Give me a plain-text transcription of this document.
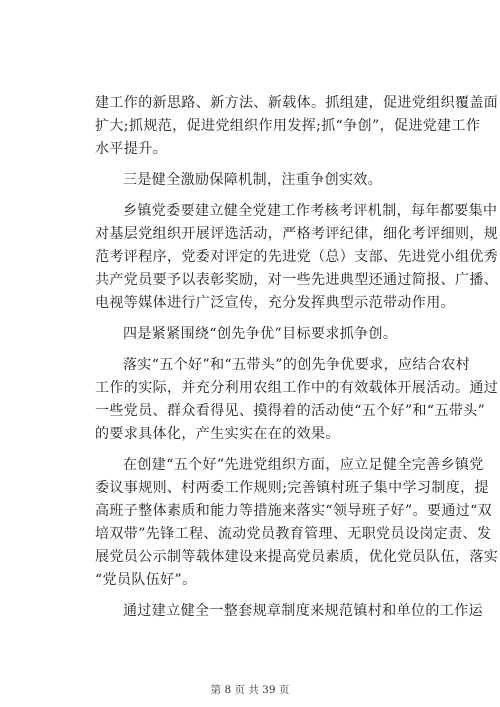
建工作的新思路、新方法、新载体。抓组建，促进党组织覆盖面
扩大;抓规范，促进党组织作用发挥;抓“争创”，促进党建工作
水平提升。

三是健全激励保障机制，注重争创实效。

乡镇党委要建立健全党建工作考核考评机制，每年都要集中
对基层党组织开展评选活动，严格考评纪律，细化考评细则，规
范考评程序，党委对评定的先进党（总）支部、先进党小组优秀
共产党员要予以表彰奖励，对一些先进典型还通过简报、广播、
电视等媒体进行广泛宣传，充分发挥典型示范带动作用。

四是紧紧围绕“创先争优”目标要求抓争创。

落实“五个好”和“五带头”的创先争优要求，应结合农村
工作的实际，并充分利用农组工作中的有效载体开展活动。通过
一些党员、群众看得见、摸得着的活动使“五个好”和“五带头”
的要求具体化，产生实实在在的效果。

在创建“五个好”先进党组织方面，应立足健全完善乡镇党
委议事规则、村两委工作规则;完善镇村班子集中学习制度，提
高班子整体素质和能力等措施来落实“领导班子好”。要通过“双
培双带”先锋工程、流动党员教育管理、无职党员设岗定责、发
展党员公示制等载体建设来提高党员素质，优化党员队伍，落实
“党员队伍好”。

通过建立健全一整套规章制度来规范镇村和单位的工作运

第 8 页 共 39 页
